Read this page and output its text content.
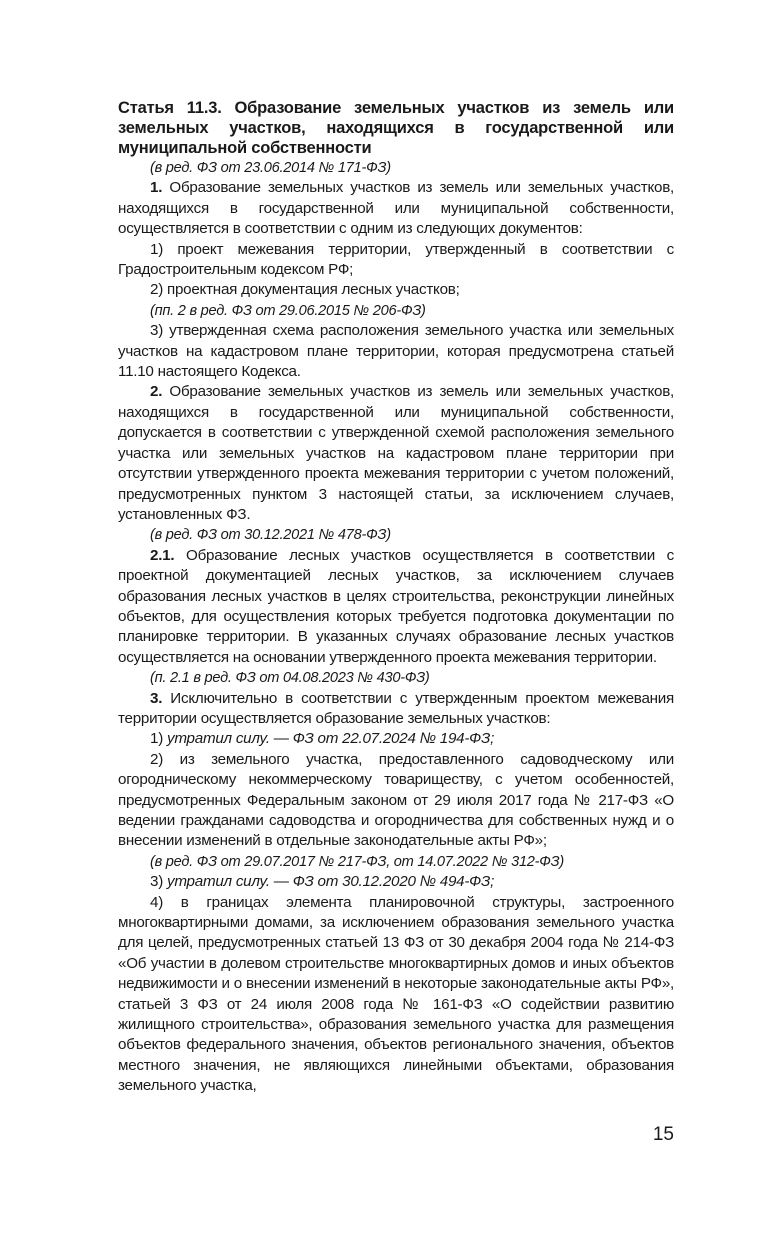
Статья 11.3. Образование земельных участков из земель или земельных участков, находящихся в государственной или муниципальной собственности

(в ред. ФЗ от 23.06.2014 № 171-ФЗ)

1. Образование земельных участков из земель или земельных участков, находящихся в государственной или муниципальной собственности, осуществляется в соответствии с одним из следующих документов:

1) проект межевания территории, утвержденный в соответствии с Градостроительным кодексом РФ;

2) проектная документация лесных участков;

(пп. 2 в ред. ФЗ от 29.06.2015 № 206-ФЗ)

3) утвержденная схема расположения земельного участка или земельных участков на кадастровом плане территории, которая предусмотрена статьей 11.10 настоящего Кодекса.

2. Образование земельных участков из земель или земельных участков, находящихся в государственной или муниципальной собственности, допускается в соответствии с утвержденной схемой расположения земельного участка или земельных участков на кадастровом плане территории при отсутствии утвержденного проекта межевания территории с учетом положений, предусмотренных пунктом 3 настоящей статьи, за исключением случаев, установленных ФЗ.

(в ред. ФЗ от 30.12.2021 № 478-ФЗ)

2.1. Образование лесных участков осуществляется в соответствии с проектной документацией лесных участков, за исключением случаев образования лесных участков в целях строительства, реконструкции линейных объектов, для осуществления которых требуется подготовка документации по планировке территории. В указанных случаях образование лесных участков осуществляется на основании утвержденного проекта межевания территории.

(п. 2.1 в ред. ФЗ от 04.08.2023 № 430-ФЗ)

3. Исключительно в соответствии с утвержденным проектом межевания территории осуществляется образование земельных участков:

1) утратил силу. — ФЗ от 22.07.2024 № 194-ФЗ;

2) из земельного участка, предоставленного садоводческому или огородническому некоммерческому товариществу, с учетом особенностей, предусмотренных Федеральным законом от 29 июля 2017 года № 217-ФЗ «О ведении гражданами садоводства и огородничества для собственных нужд и о внесении изменений в отдельные законодательные акты РФ»;

(в ред. ФЗ от 29.07.2017 № 217-ФЗ, от 14.07.2022 № 312-ФЗ)

3) утратил силу. — ФЗ от 30.12.2020 № 494-ФЗ;

4) в границах элемента планировочной структуры, застроенного многоквартирными домами, за исключением образования земельного участка для целей, предусмотренных статьей 13 ФЗ от 30 декабря 2004 года № 214-ФЗ «Об участии в долевом строительстве многоквартирных домов и иных объектов недвижимости и о внесении изменений в некоторые законодательные акты РФ», статьей 3 ФЗ от 24 июля 2008 года № 161-ФЗ «О содействии развитию жилищного строительства», образования земельного участка для размещения объектов федерального значения, объектов регионального значения, объектов местного значения, не являющихся линейными объектами, образования земельного участка,

15
